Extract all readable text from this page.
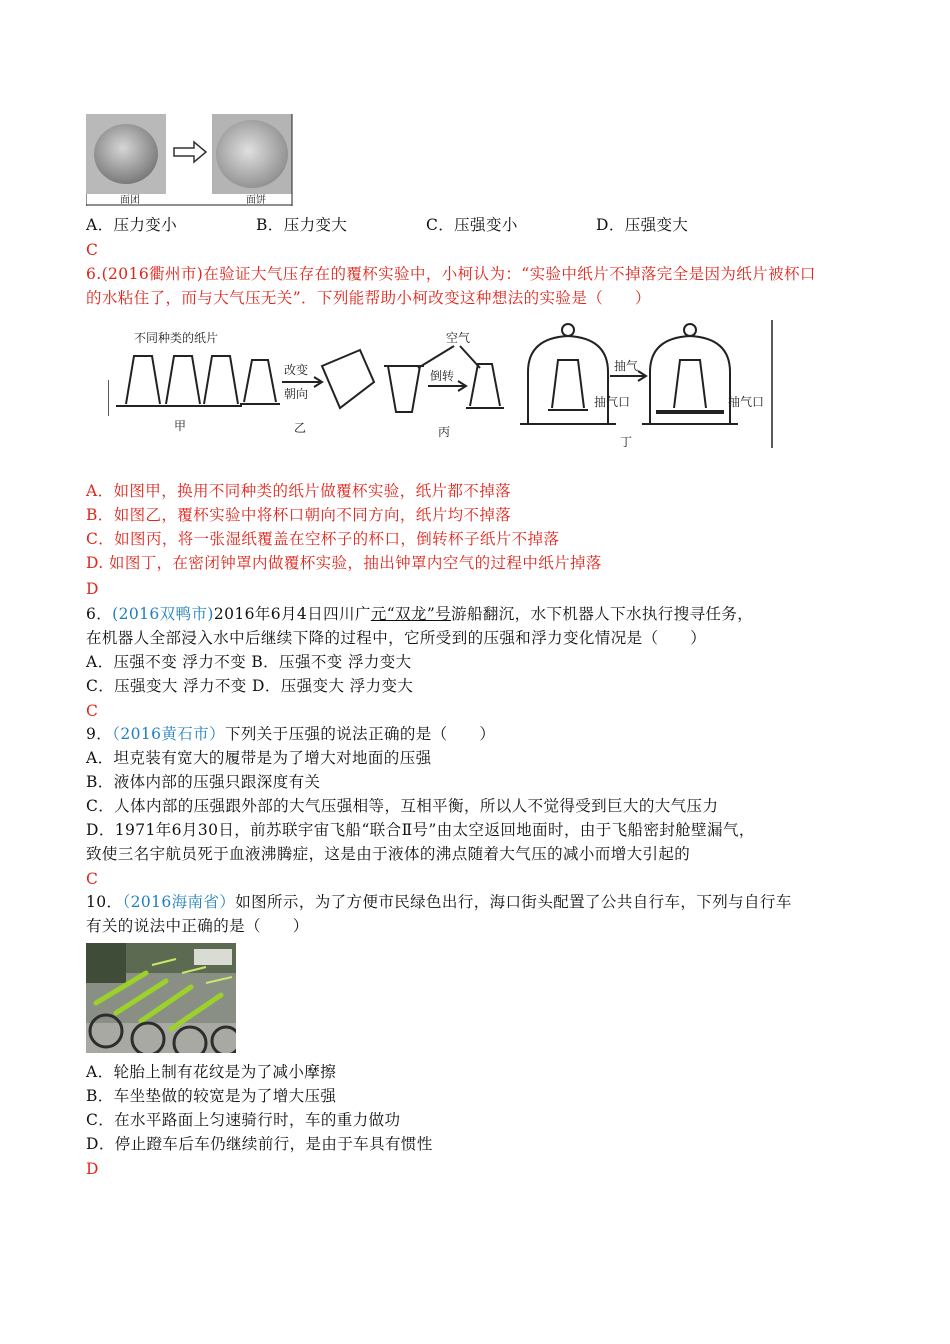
面团	面饼
A．压力变小	B．压力变大	C．压强变小	D．压强变大
C
6.(2016衢州市)在验证大气压存在的覆杯实验中，小柯认为：“实验中纸片不掉落完全是因为纸片被杯口
的水粘住了，而与大气压无关”．下列能帮助小柯改变这种想法的实验是（　　）
不同种类的纸片
改变
朝向
空气
倒转
抽气口
抽气
抽气口
甲	乙	丙
丁
A．如图甲，换用不同种类的纸片做覆杯实验，纸片都不掉落
B．如图乙，覆杯实验中将杯口朝向不同方向，纸片均不掉落
C．如图丙，将一张湿纸覆盖在空杯子的杯口，倒转杯子纸片不掉落
D. 如图丁，在密闭钟罩内做覆杯实验，抽出钟罩内空气的过程中纸片掉落
D
6．(2016双鸭市)2016年6月4日四川广元“双龙”号游船翻沉，水下机器人下水执行搜寻任务，
在机器人全部浸入水中后继续下降的过程中，它所受到的压强和浮力变化情况是（　　）
A．压强不变 浮力不变 B．压强不变 浮力变大
C．压强变大 浮力不变 D．压强变大 浮力变大
C
9．（2016黄石市）下列关于压强的说法正确的是（　　）
A．坦克装有宽大的履带是为了增大对地面的压强
B．液体内部的压强只跟深度有关
C．人体内部的压强跟外部的大气压强相等，互相平衡，所以人不觉得受到巨大的大气压力
D．1971年6月30日，前苏联宇宙飞船“联合Ⅱ号”由太空返回地面时，由于飞船密封舱壁漏气，
致使三名宇航员死于血液沸腾症，这是由于液体的沸点随着大气压的减小而增大引起的
C
10．（2016海南省）如图所示，为了方便市民绿色出行，海口街头配置了公共自行车，下列与自行车
有关的说法中正确的是（　　）
A．轮胎上制有花纹是为了减小摩擦
B．车坐垫做的较宽是为了增大压强
C．在水平路面上匀速骑行时，车的重力做功
D．停止蹬车后车仍继续前行，是由于车具有惯性
D
